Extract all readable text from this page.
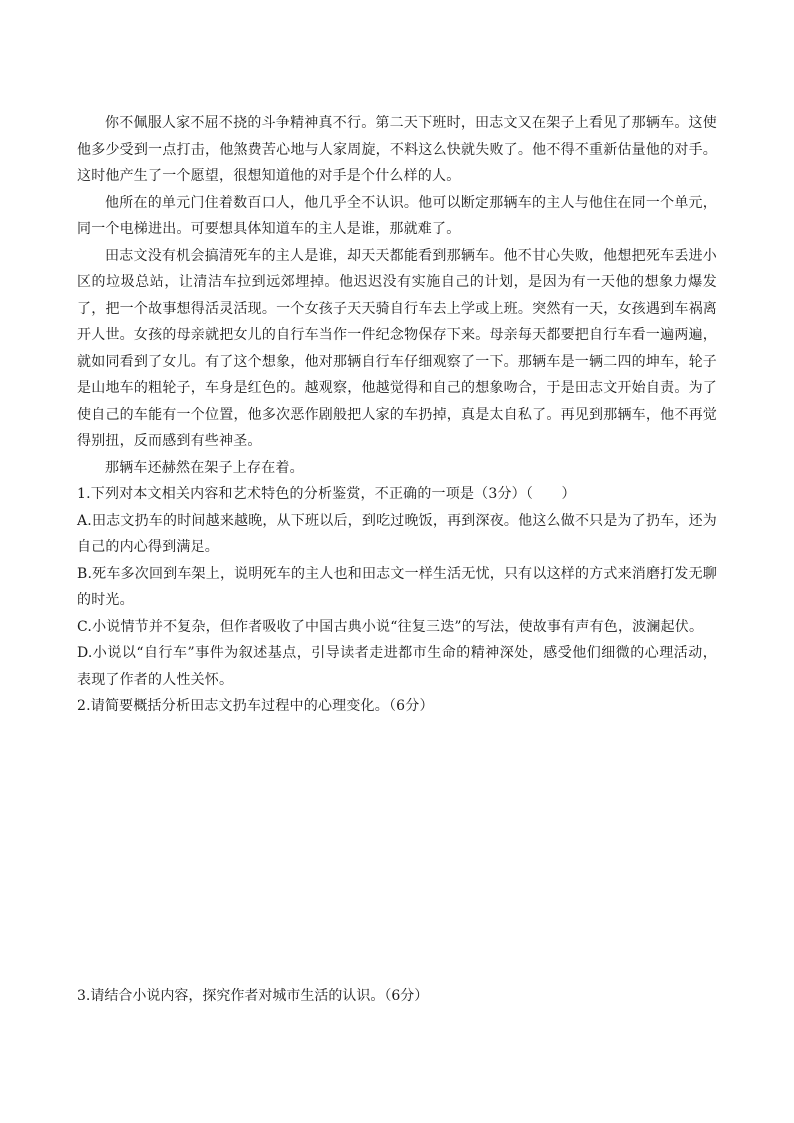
你不佩服人家不屈不挠的斗争精神真不行。第二天下班时，田志文又在架子上看见了那辆车。这使他多少受到一点打击，他煞费苦心地与人家周旋，不料这么快就失败了。他不得不重新估量他的对手。这时他产生了一个愿望，很想知道他的对手是个什么样的人。

他所在的单元门住着数百口人，他几乎全不认识。他可以断定那辆车的主人与他住在同一个单元，同一个电梯进出。可要想具体知道车的主人是谁，那就难了。

田志文没有机会搞清死车的主人是谁，却天天都能看到那辆车。他不甘心失败，他想把死车丢进小区的垃圾总站，让清洁车拉到远郊埋掉。他迟迟没有实施自己的计划，是因为有一天他的想象力爆发了，把一个故事想得活灵活现。一个女孩子天天骑自行车去上学或上班。突然有一天，女孩遇到车祸离开人世。女孩的母亲就把女儿的自行车当作一件纪念物保存下来。母亲每天都要把自行车看一遍两遍，就如同看到了女儿。有了这个想象，他对那辆自行车仔细观察了一下。那辆车是一辆二四的坤车，轮子是山地车的粗轮子，车身是红色的。越观察，他越觉得和自己的想象吻合，于是田志文开始自责。为了使自己的车能有一个位置，他多次恶作剧般把人家的车扔掉，真是太自私了。再见到那辆车，他不再觉得别扭，反而感到有些神圣。

那辆车还赫然在架子上存在着。

1.下列对本文相关内容和艺术特色的分析鉴赏，不正确的一项是（3分）（　　）

A.田志文扔车的时间越来越晚，从下班以后，到吃过晚饭，再到深夜。他这么做不只是为了扔车，还为自己的内心得到满足。

B.死车多次回到车架上，说明死车的主人也和田志文一样生活无忧，只有以这样的方式来消磨打发无聊的时光。

C.小说情节并不复杂，但作者吸收了中国古典小说“往复三迭”的写法，使故事有声有色，波澜起伏。

D.小说以“自行车”事件为叙述基点，引导读者走进都市生命的精神深处，感受他们细微的心理活动，表现了作者的人性关怀。

2.请简要概括分析田志文扔车过程中的心理变化。（6分）

3.请结合小说内容，探究作者对城市生活的认识。（6分）
